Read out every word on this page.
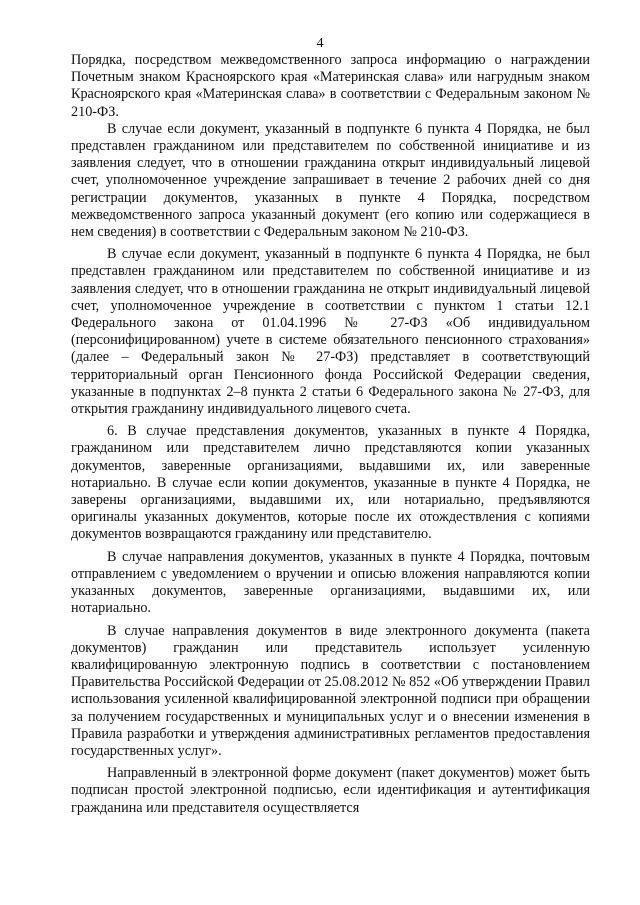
4

Порядка, посредством межведомственного запроса информацию о награждении Почетным знаком Красноярского края «Материнская слава» или нагрудным знаком Красноярского края «Материнская слава» в соответствии с Федеральным законом № 210-ФЗ.

В случае если документ, указанный в подпункте 6 пункта 4 Порядка, не был представлен гражданином или представителем по собственной инициативе и из заявления следует, что в отношении гражданина открыт индивидуальный лицевой счет, уполномоченное учреждение запрашивает в течение 2 рабочих дней со дня регистрации документов, указанных в пункте 4 Порядка, посредством межведомственного запроса указанный документ (его копию или содержащиеся в нем сведения) в соответствии с Федеральным законом № 210-ФЗ.

В случае если документ, указанный в подпункте 6 пункта 4 Порядка, не был представлен гражданином или представителем по собственной инициативе и из заявления следует, что в отношении гражданина не открыт индивидуальный лицевой счет, уполномоченное учреждение в соответствии с пунктом 1 статьи 12.1 Федерального закона от 01.04.1996 № 27-ФЗ «Об индивидуальном (персонифицированном) учете в системе обязательного пенсионного страхования» (далее – Федеральный закон № 27-ФЗ) представляет в соответствующий территориальный орган Пенсионного фонда Российской Федерации сведения, указанные в подпунктах 2–8 пункта 2 статьи 6 Федерального закона № 27-ФЗ, для открытия гражданину индивидуального лицевого счета.

6. В случае представления документов, указанных в пункте 4 Порядка, гражданином или представителем лично представляются копии указанных документов, заверенные организациями, выдавшими их, или заверенные нотариально. В случае если копии документов, указанные в пункте 4 Порядка, не заверены организациями, выдавшими их, или нотариально, предъявляются оригиналы указанных документов, которые после их отождествления с копиями документов возвращаются гражданину или представителю.

В случае направления документов, указанных в пункте 4 Порядка, почтовым отправлением с уведомлением о вручении и описью вложения направляются копии указанных документов, заверенные организациями, выдавшими их, или нотариально.

В случае направления документов в виде электронного документа (пакета документов) гражданин или представитель использует усиленную квалифицированную электронную подпись в соответствии с постановлением Правительства Российской Федерации от 25.08.2012 № 852 «Об утверждении Правил использования усиленной квалифицированной электронной подписи при обращении за получением государственных и муниципальных услуг и о внесении изменения в Правила разработки и утверждения административных регламентов предоставления государственных услуг».

Направленный в электронной форме документ (пакет документов) может быть подписан простой электронной подписью, если идентификация и аутентификация гражданина или представителя осуществляется
